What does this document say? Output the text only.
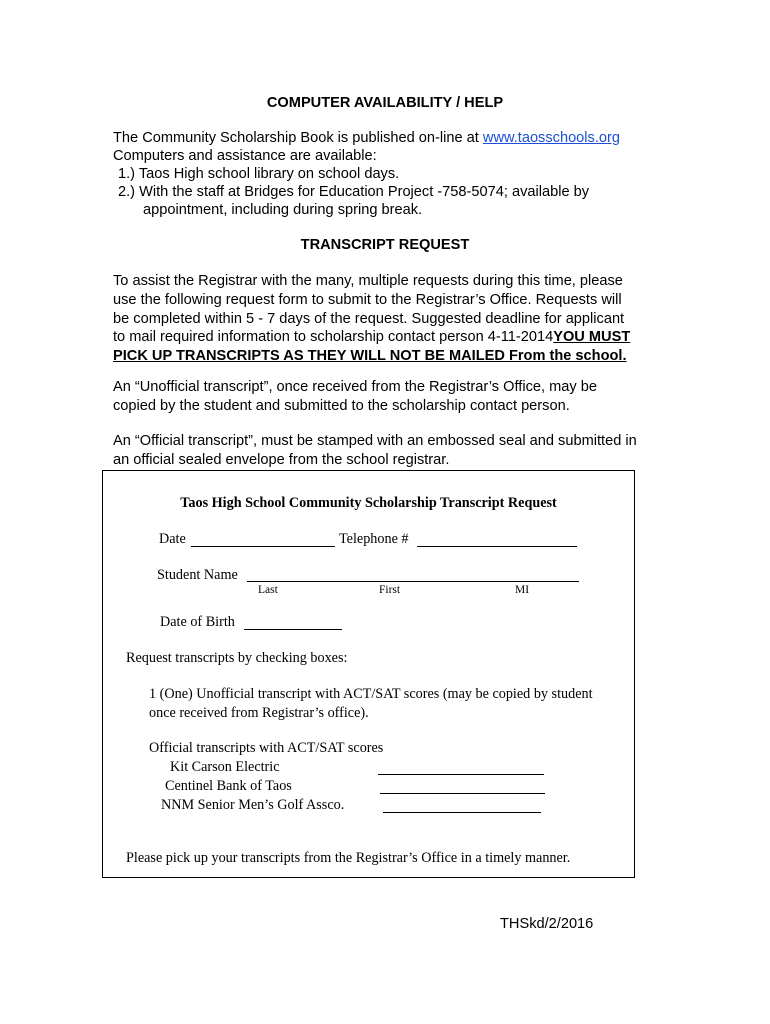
COMPUTER AVAILABILITY / HELP
The Community Scholarship Book is published on-line at www.taosschools.org
Computers and assistance are available:
1.) Taos High school library on school days.
2.) With the staff at Bridges for Education Project -758-5074; available by
appointment, including during spring break.
TRANSCRIPT REQUEST

To assist the Registrar with the many, multiple requests during this time, please

use the following request form to submit to the Registrar’s Office. Requests will

be completed within 5 - 7 days of the request. Suggested deadline for applicant

to mail required information to scholarship contact person 4-11-2014YOU MUST

PICK UP TRANSCRIPTS AS THEY WILL NOT BE MAILED From the school.

An “Unofficial transcript”, once received from the Registrar’s Office, may be

copied by the student and submitted to the scholarship contact person.

An “Official transcript”, must be stamped with an embossed seal and submitted in

an official sealed envelope from the school registrar.

Taos High School Community Scholarship Transcript Request
Date	Telephone #
Student Name
Last	First	MI
Date of Birth
Request transcripts by checking boxes:
1 (One) Unofficial transcript with ACT/SAT scores (may be copied by student
once received from Registrar’s office).
Official transcripts with ACT/SAT scores
Kit Carson Electric
Centinel Bank of Taos
NNM Senior Men’s Golf Assco.
Please pick up your transcripts from the Registrar’s Office in a timely manner.
THSkd/2/2016
